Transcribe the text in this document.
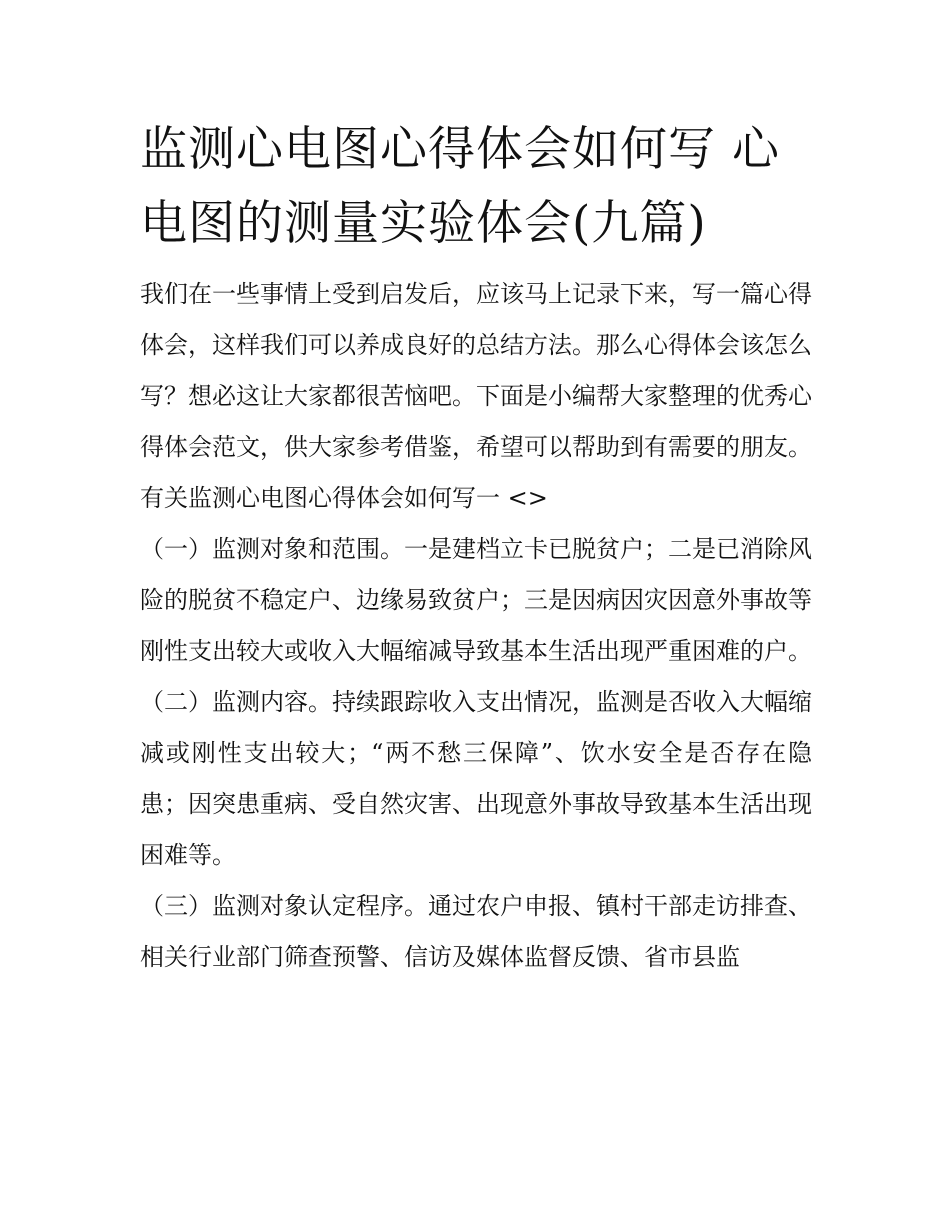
监测心电图心得体会如何写 心电图的测量实验体会(九篇)

我们在一些事情上受到启发后，应该马上记录下来，写一篇心得体会，这样我们可以养成良好的总结方法。那么心得体会该怎么写？想必这让大家都很苦恼吧。下面是小编帮大家整理的优秀心得体会范文，供大家参考借鉴，希望可以帮助到有需要的朋友。

有关监测心电图心得体会如何写一 <>

（一）监测对象和范围。一是建档立卡已脱贫户；二是已消除风险的脱贫不稳定户、边缘易致贫户；三是因病因灾因意外事故等刚性支出较大或收入大幅缩减导致基本生活出现严重困难的户。

（二）监测内容。持续跟踪收入支出情况，监测是否收入大幅缩减或刚性支出较大；“两不愁三保障”、饮水安全是否存在隐患；因突患重病、受自然灾害、出现意外事故导致基本生活出现困难等。

（三）监测对象认定程序。通过农户申报、镇村干部走访排查、相关行业部门筛查预警、信访及媒体监督反馈、省市县监
